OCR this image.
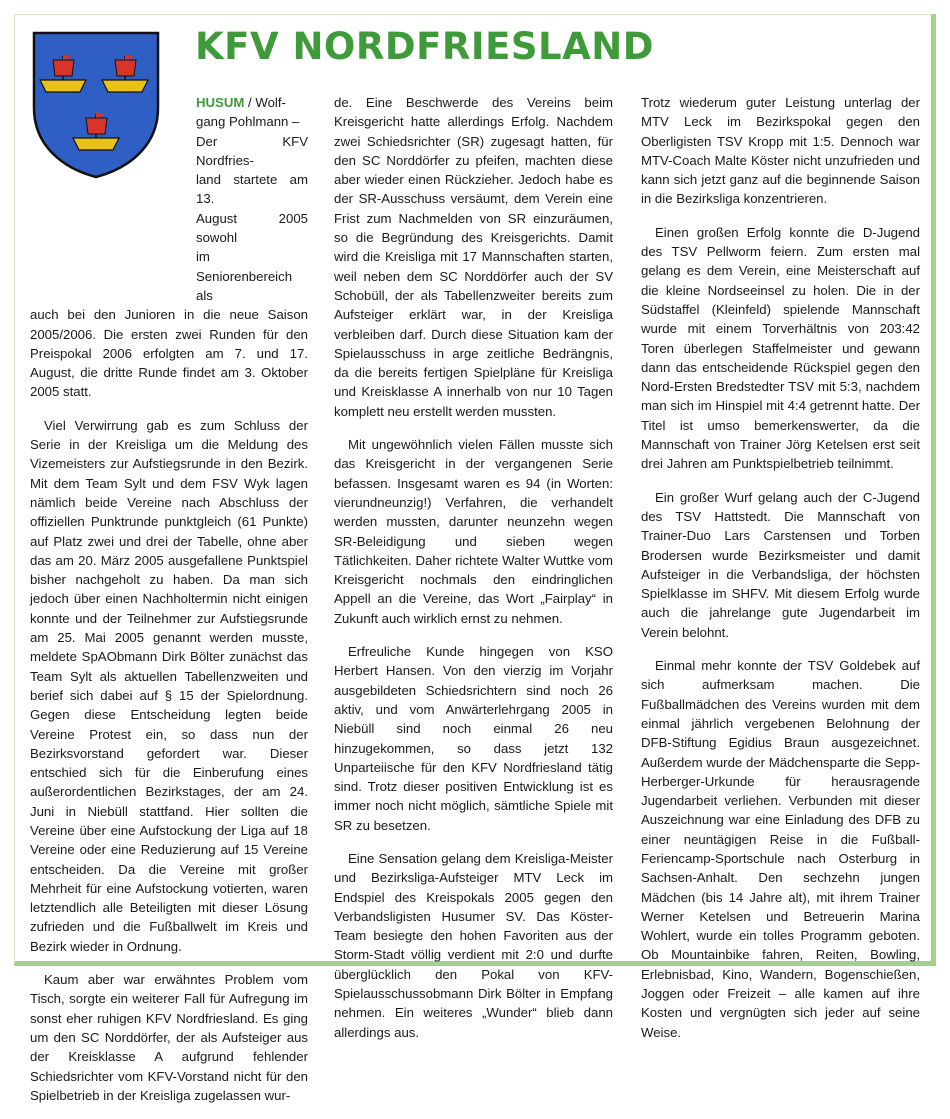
KFV NORDFRIESLAND
HUSUM / Wolf-
gang Pohlmann –
Der KFV Nordfries-
land startete am 13.
August 2005 sowohl
im Seniorenbereich als

auch bei den Junioren in die neue Saison 2005/2006. Die ersten zwei Runden für den Preispokal 2006 erfolgten am 7. und 17. August, die dritte Runde findet am 3. Oktober 2005 statt.

Viel Verwirrung gab es zum Schluss der Serie in der Kreisliga um die Meldung des Vizemeisters zur Aufstiegsrunde in den Bezirk. Mit dem Team Sylt und dem FSV Wyk lagen nämlich beide Vereine nach Abschluss der offiziellen Punktrunde punktgleich (61 Punkte) auf Platz zwei und drei der Tabelle, ohne aber das am 20. März 2005 ausgefallene Punktspiel bisher nachgeholt zu haben. Da man sich jedoch über einen Nachholtermin nicht einigen konnte und der Teilnehmer zur Aufstiegsrunde am 25. Mai 2005 genannt werden musste, meldete SpAObmann Dirk Bölter zunächst das Team Sylt als aktuellen Tabellenzweiten und berief sich dabei auf § 15 der Spielordnung. Gegen diese Entscheidung legten beide Vereine Protest ein, so dass nun der Bezirksvorstand gefordert war. Dieser entschied sich für die Einberufung eines außerordentlichen Bezirkstages, der am 24. Juni in Niebüll stattfand. Hier sollten die Vereine über eine Aufstockung der Liga auf 18 Vereine oder eine Reduzierung auf 15 Vereine entscheiden. Da die Vereine mit großer Mehrheit für eine Aufstockung votierten, waren letztendlich alle Beteiligten mit dieser Lösung zufrieden und die Fußballwelt im Kreis und Bezirk wieder in Ordnung.

Kaum aber war erwähntes Problem vom Tisch, sorgte ein weiterer Fall für Aufregung im sonst eher ruhigen KFV Nordfriesland. Es ging um den SC Norddörfer, der als Aufsteiger aus der Kreisklasse A aufgrund fehlender Schiedsrichter vom KFV-Vorstand nicht für den Spielbetrieb in der Kreisliga zugelassen wur-

de. Eine Beschwerde des Vereins beim Kreisgericht hatte allerdings Erfolg. Nachdem zwei Schiedsrichter (SR) zugesagt hatten, für den SC Norddörfer zu pfeifen, machten diese aber wieder einen Rückzieher. Jedoch habe es der SR-Ausschuss versäumt, dem Verein eine Frist zum Nachmelden von SR einzuräumen, so die Begründung des Kreisgerichts. Damit wird die Kreisliga mit 17 Mannschaften starten, weil neben dem SC Norddörfer auch der SV Schobüll, der als Tabellenzweiter bereits zum Aufsteiger erklärt war, in der Kreisliga verbleiben darf. Durch diese Situation kam der Spielausschuss in arge zeitliche Bedrängnis, da die bereits fertigen Spielpläne für Kreisliga und Kreisklasse A innerhalb von nur 10 Tagen komplett neu erstellt werden mussten.

Mit ungewöhnlich vielen Fällen musste sich das Kreisgericht in der vergangenen Serie befassen. Insgesamt waren es 94 (in Worten: vierundneunzig!) Verfahren, die verhandelt werden mussten, darunter neunzehn wegen SR-Beleidigung und sieben wegen Tätlichkeiten. Daher richtete Walter Wuttke vom Kreisgericht nochmals den eindringlichen Appell an die Vereine, das Wort „Fairplay“ in Zukunft auch wirklich ernst zu nehmen.

Erfreuliche Kunde hingegen von KSO Herbert Hansen. Von den vierzig im Vorjahr ausgebildeten Schiedsrichtern sind noch 26 aktiv, und vom Anwärterlehrgang 2005 in Niebüll sind noch einmal 26 neu hinzugekommen, so dass jetzt 132 Unparteiische für den KFV Nordfriesland tätig sind. Trotz dieser positiven Entwicklung ist es immer noch nicht möglich, sämtliche Spiele mit SR zu besetzen.

Eine Sensation gelang dem Kreisliga-Meister und Bezirksliga-Aufsteiger MTV Leck im Endspiel des Kreispokals 2005 gegen den Verbandsligisten Husumer SV. Das Köster-Team besiegte den hohen Favoriten aus der Storm-Stadt völlig verdient mit 2:0 und durfte überglücklich den Pokal von KFV-Spielausschussobmann Dirk Bölter in Empfang nehmen. Ein weiteres „Wunder“ blieb dann allerdings aus.

Trotz wiederum guter Leistung unterlag der MTV Leck im Bezirkspokal gegen den Oberligisten TSV Kropp mit 1:5. Dennoch war MTV-Coach Malte Köster nicht unzufrieden und kann sich jetzt ganz auf die beginnende Saison in die Bezirksliga konzentrieren.

Einen großen Erfolg konnte die D-Jugend des TSV Pellworm feiern. Zum ersten mal gelang es dem Verein, eine Meisterschaft auf die kleine Nordseeinsel zu holen. Die in der Südstaffel (Kleinfeld) spielende Mannschaft wurde mit einem Torverhältnis von 203:42 Toren überlegen Staffelmeister und gewann dann das entscheidende Rückspiel gegen den Nord-Ersten Bredstedter TSV mit 5:3, nachdem man sich im Hinspiel mit 4:4 getrennt hatte. Der Titel ist umso bemerkenswerter, da die Mannschaft von Trainer Jörg Ketelsen erst seit drei Jahren am Punktspielbetrieb teilnimmt.

Ein großer Wurf gelang auch der C-Jugend des TSV Hattstedt. Die Mannschaft von Trainer-Duo Lars Carstensen und Torben Brodersen wurde Bezirksmeister und damit Aufsteiger in die Verbandsliga, der höchsten Spielklasse im SHFV. Mit diesem Erfolg wurde auch die jahrelange gute Jugendarbeit im Verein belohnt.

Einmal mehr konnte der TSV Goldebek auf sich aufmerksam machen. Die Fußballmädchen des Vereins wurden mit dem einmal jährlich vergebenen Belohnung der DFB-Stiftung Egidius Braun ausgezeichnet. Außerdem wurde der Mädchensparte die Sepp-Herberger-Urkunde für herausragende Jugendarbeit verliehen. Verbunden mit dieser Auszeichnung war eine Einladung des DFB zu einer neuntägigen Reise in die Fußball-Feriencamp-Sportschule nach Osterburg in Sachsen-Anhalt. Den sechzehn jungen Mädchen (bis 14 Jahre alt), mit ihrem Trainer Werner Ketelsen und Betreuerin Marina Wohlert, wurde ein tolles Programm geboten. Ob Mountainbike fahren, Reiten, Bowling, Erlebnisbad, Kino, Wandern, Bogenschießen, Joggen oder Freizeit – alle kamen auf ihre Kosten und vergnügten sich jeder auf seine Weise.
